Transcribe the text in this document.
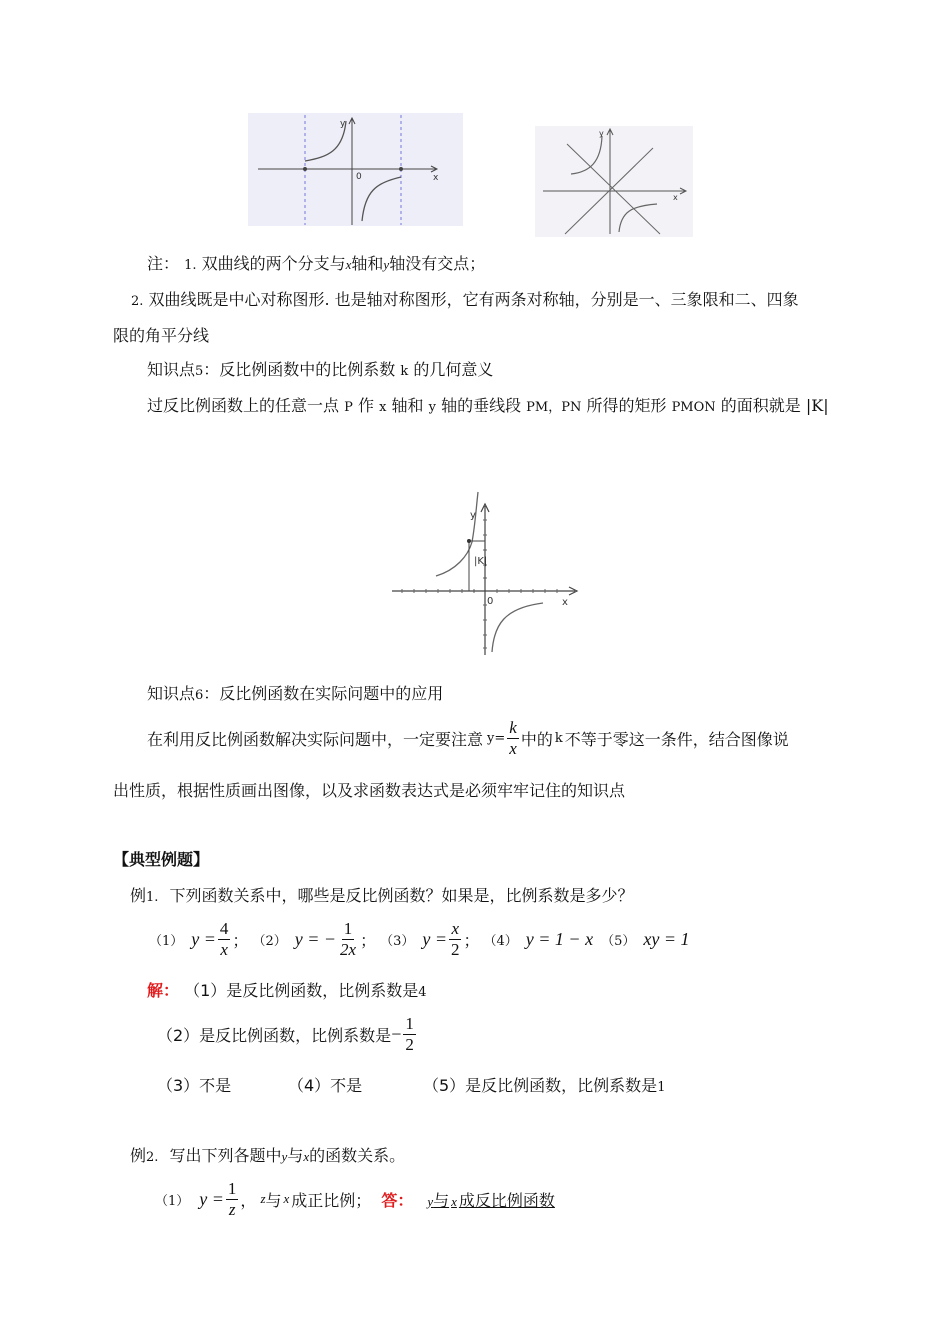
x
y
0
x
y
注： 1. 双曲线的两个分支与x轴和y轴没有交点；
2. 双曲线既是中心对称图形. 也是轴对称图形，它有两条对称轴，分别是一、三象限和二、四象
限的角平分线
知识点5：反比例函数中的比例系数 k 的几何意义
过反比例函数上的任意一点 P 作 x 轴和 y 轴的垂线段 PM，PN 所得的矩形 PMON 的面积就是 |K|
|K|
y
x
0
知识点6：反比例函数在实际问题中的应用
在利用反比例函数解决实际问题中，一定要注意 $y= \frac{k}{x}$ 中的 k 不等于零这一条件，结合图像说
出性质，根据性质画出图像，以及求函数表达式是必须牢牢记住的知识点
【典型例题】
例1. 下列函数关系中，哪些是反比例函数？如果是，比例系数是多少？
（1） $y = \frac{4}{x}$ ； （2） y = − $\frac{1}{2x}$ ； （3） $y = \frac{x}{2}$ ； （4） y = 1 − x （5） xy = 1
解： （1）是反比例函数，比例系数是4
（2）是反比例函数，比例系数是 − $\frac{1}{2}$
（3）不是	（4）不是	（5）是反比例函数，比例系数是1
例2. 写出下列各题中y与x的函数关系。
（1） $y = \frac{1}{z}$ ， z 与 x 成正比例； 答： y与 x 成反比例函数
